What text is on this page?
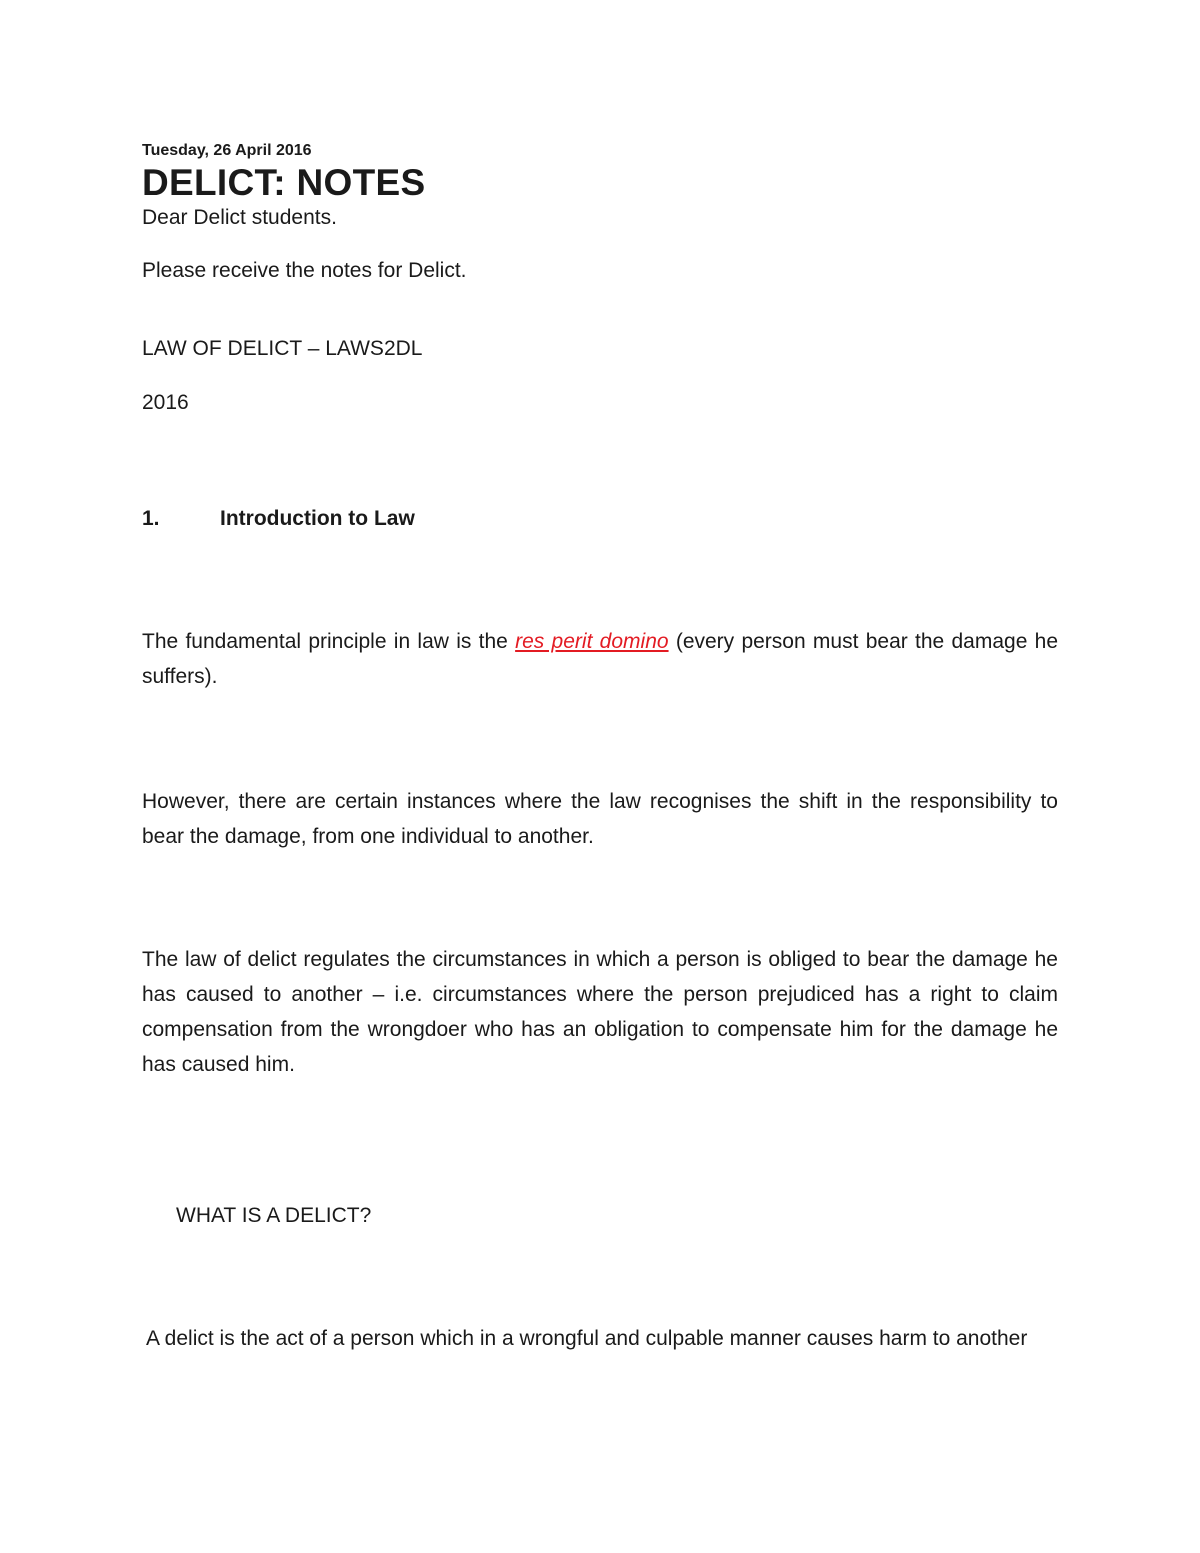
Tuesday, 26 April 2016

DELICT: NOTES

Dear Delict students.

Please receive the notes for Delict.

LAW OF DELICT – LAWS2DL

2016

1.	Introduction to Law

The fundamental principle in law is the res perit domino (every person must bear the damage he suffers).

However, there are certain instances where the law recognises the shift in the responsibility to bear the damage, from one individual to another.

The law of delict regulates the circumstances in which a person is obliged to bear the damage he has caused to another – i.e. circumstances where the person prejudiced has a right to claim compensation from the wrongdoer who has an obligation to compensate him for the damage he has caused him.

WHAT IS A DELICT?

A delict is the act of a person which in a wrongful and culpable manner causes harm to another
